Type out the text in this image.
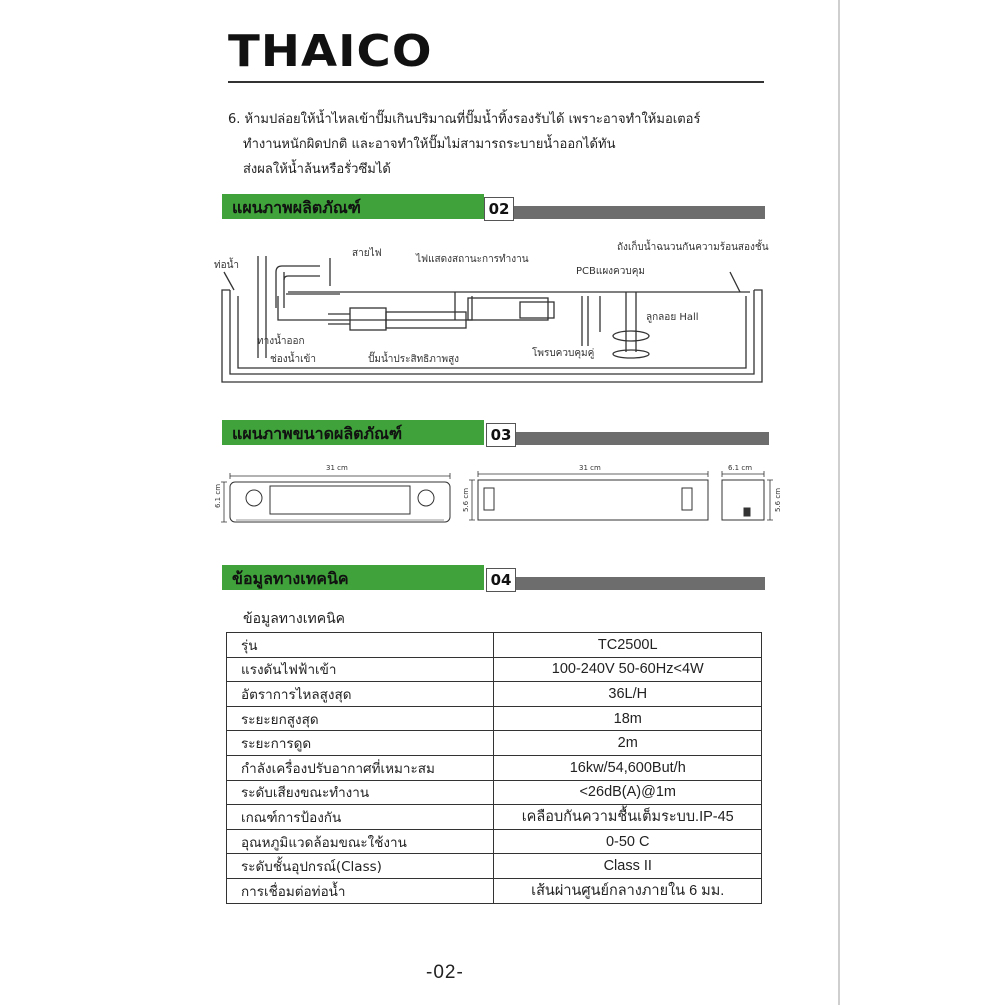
THAICO
6. ห้ามปล่อยให้น้ำไหลเข้าปั๊มเกินปริมาณที่ปั๊มน้ำทิ้งรองรับได้ เพราะอาจทำให้มอเตอร์
ทำงานหนักผิดปกติ และอาจทำให้ปั๊มไม่สามารถระบายน้ำออกได้ทัน
ส่งผลให้น้ำล้นหรือรั่วซึมได้
แผนภาพผลิตภัณฑ์	02
ท่อน้ำ
สายไฟ
ไฟแสดงสถานะการทำงาน
ถังเก็บน้ำฉนวนกันความร้อนสองชั้น
PCBแผงควบคุม
ลูกลอย Hall
ทางน้ำออก
ช่องน้ำเข้า	ปั๊มน้ำประสิทธิภาพสูง
โพรบควบคุมคู่
แผนภาพขนาดผลิตภัณฑ์	03
31 cm
6.1 cm
31 cm
5.6 cm
6.1 cm
5.6 cm
ข้อมูลทางเทคนิค	04
ข้อมูลทางเทคนิค
รุ่น	TC2500L
แรงดันไฟฟ้าเข้า	100-240V 50-60Hz<4W
อัตราการไหลสูงสุด	36L/H
ระยะยกสูงสุด	18m
ระยะการดูด	2m
กำลังเครื่องปรับอากาศที่เหมาะสม	16kw/54,600But/h
ระดับเสียงขณะทำงาน	<26dB(A)@1m
เกณฑ์การป้องกัน	เคลือบกันความชื้นเต็มระบบ.IP-45
อุณหภูมิแวดล้อมขณะใช้งาน	0-50 C
ระดับชั้นอุปกรณ์(Class)	Class II
การเชื่อมต่อท่อน้ำ	เส้นผ่านศูนย์กลางภายใน 6 มม.
-02-
